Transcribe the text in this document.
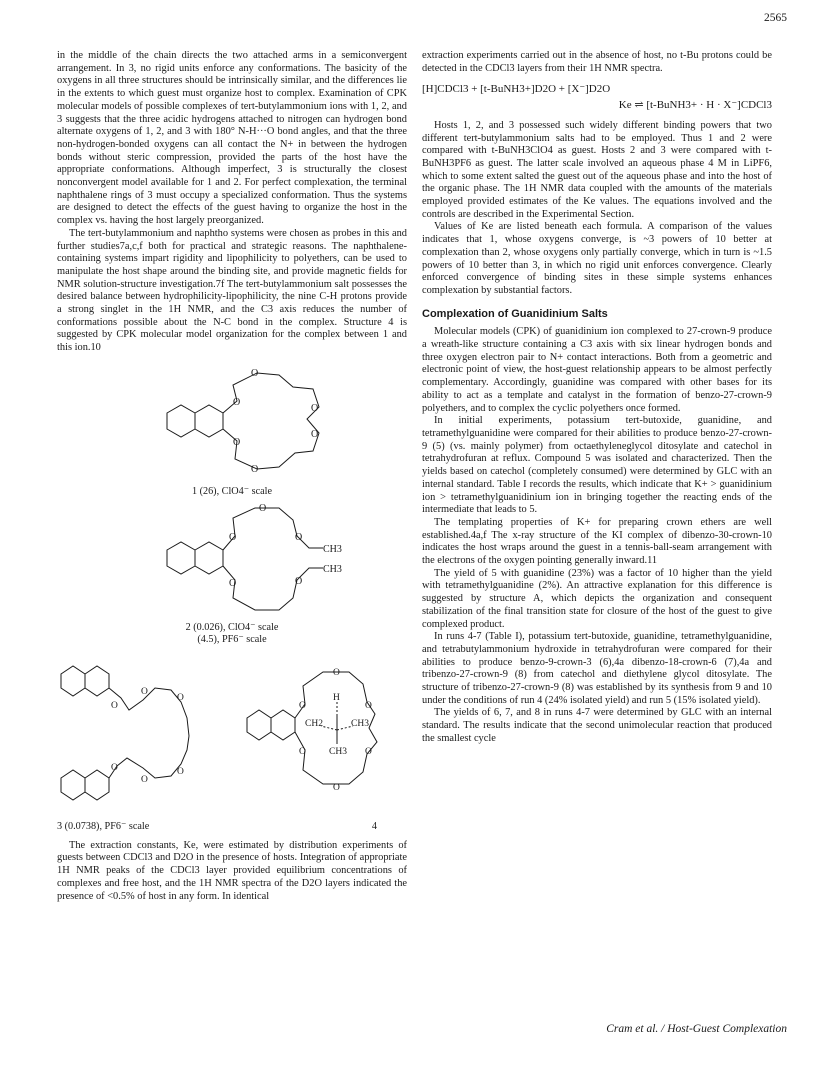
2565

in the middle of the chain directs the two attached arms in a semiconvergent arrangement. In 3, no rigid units enforce any conformations. The basicity of the oxygens in all three structures should be intrinsically similar, and the differences lie in the extents to which guest must organize host to complex. Examination of CPK molecular models of possible complexes of tert-butylammonium ions with 1, 2, and 3 suggests that the three acidic hydrogens attached to nitrogen can hydrogen bond alternate oxygens of 1, 2, and 3 with 180° N-H···O bond angles, and that the three non-hydrogen-bonded oxygens can all contact the N+ in between the hydrogen bonds without steric compression, provided the parts of the host have the appropriate conformations. Although imperfect, 3 is structurally the closest nonconvergent model available for 1 and 2. For perfect complexation, the terminal naphthalene rings of 3 must occupy a specialized conformation. Thus the systems are designed to detect the effects of the guest having to organize the host in the complex vs. having the host largely preorganized.

The tert-butylammonium and naphtho systems were chosen as probes in this and further studies7a,c,f both for practical and strategic reasons. The naphthalene-containing systems impart rigidity and lipophilicity to polyethers, can be used to manipulate the host shape around the binding site, and provide magnetic fields for NMR solution-structure investigation.7f The tert-butylammonium salt possesses the desired balance between hydrophilicity-lipophilicity, the nine C-H protons provide a strong singlet in the 1H NMR, and the C3 axis reduces the number of conformations possible about the N-C bond in the complex. Structure 4 is suggested by CPK molecular model organization for the complex between 1 and this ion.10

O
O
O
O
O
O
1 (26), ClO4⁻ scale
O
O
O
CH3
CH3
O
O
2 (0.026), ClO4⁻ scale
(4.5), PF6⁻ scale
O
O
O
O
O
O
O
O
O
O
O
O
H
CH2	CH3
CH3
3 (0.0738), PF6⁻ scale	4

The extraction constants, Ke, were estimated by distribution experiments of guests between CDCl3 and D2O in the presence of hosts. Integration of appropriate 1H NMR peaks of the CDCl3 layer provided equilibrium concentrations of complexes and free host, and the 1H NMR spectra of the D2O layers indicated the presence of <0.5% of host in any form. In identical

extraction experiments carried out in the absence of host, no t-Bu protons could be detected in the CDCl3 layers from their 1H NMR spectra.

[H]CDCl3 + [t-BuNH3+]D2O + [X⁻]D2O
Ke ⇌ [t-BuNH3+ · H · X⁻]CDCl3

Hosts 1, 2, and 3 possessed such widely different binding powers that two different tert-butylammonium salts had to be employed. Thus 1 and 2 were compared with t-BuNH3ClO4 as guest. Hosts 2 and 3 were compared with t-BuNH3PF6 as guest. The latter scale involved an aqueous phase 4 M in LiPF6, which to some extent salted the guest out of the aqueous phase and into the host of the organic phase. The 1H NMR data coupled with the amounts of the materials employed provided estimates of the Ke values. The equations involved and the controls are described in the Experimental Section.

Values of Ke are listed beneath each formula. A comparison of the values indicates that 1, whose oxygens converge, is ~3 powers of 10 better at complexation than 2, whose oxygens only partially converge, which in turn is ~1.5 powers of 10 better than 3, in which no rigid unit enforces convergence. Clearly enforced convergence of binding sites in these simple systems enhances complexation by substantial factors.

Complexation of Guanidinium Salts

Molecular models (CPK) of guanidinium ion complexed to 27-crown-9 produce a wreath-like structure containing a C3 axis with six linear hydrogen bonds and three oxygen electron pair to N+ contact interactions. Both from a geometric and electronic point of view, the host-guest relationship appears to be almost perfectly complementary. Accordingly, guanidine was compared with other bases for its ability to act as a template and catalyst in the formation of benzo-27-crown-9 polyethers, and to complex the cyclic polyethers once formed.

In initial experiments, potassium tert-butoxide, guanidine, and tetramethylguanidine were compared for their abilities to produce benzo-27-crown-9 (5) (vs. mainly polymer) from octaethyleneglycol ditosylate and catechol in tetrahydrofuran at reflux. Compound 5 was isolated and characterized. Then the yields based on catechol (completely consumed) were determined by GLC with an internal standard. Table I records the results, which indicate that K+ > guanidinium ion > tetramethylguanidinium ion in bringing together the reacting ends of the intermediate that leads to 5.

The templating properties of K+ for preparing crown ethers are well established.4a,f The x-ray structure of the KI complex of dibenzo-30-crown-10 indicates the host wraps around the guest in a tennis-ball-seam arrangement with the electrons of the oxygen pointing generally inward.11

The yield of 5 with guanidine (23%) was a factor of 10 higher than the yield with tetramethylguanidine (2%). An attractive explanation for this difference is suggested by structure A, which depicts the organization and consequent stabilization of the final transition state for closure of the host of the guest to give complexed product.

In runs 4-7 (Table I), potassium tert-butoxide, guanidine, tetramethylguanidine, and tetrabutylammonium hydroxide in tetrahydrofuran were compared for their abilities to produce benzo-9-crown-3 (6),4a dibenzo-18-crown-6 (7),4a and tribenzo-27-crown-9 (8) from catechol and diethylene glycol ditosylate. The structure of tribenzo-27-crown-9 (8) was established by its synthesis from 9 and 10 under the conditions of run 4 (24% isolated yield) and run 5 (15% isolated yield).

The yields of 6, 7, and 8 in runs 4-7 were determined by GLC with an internal standard. The results indicate that the second unimolecular reaction that produced the smallest cycle

Cram et al. / Host-Guest Complexation
